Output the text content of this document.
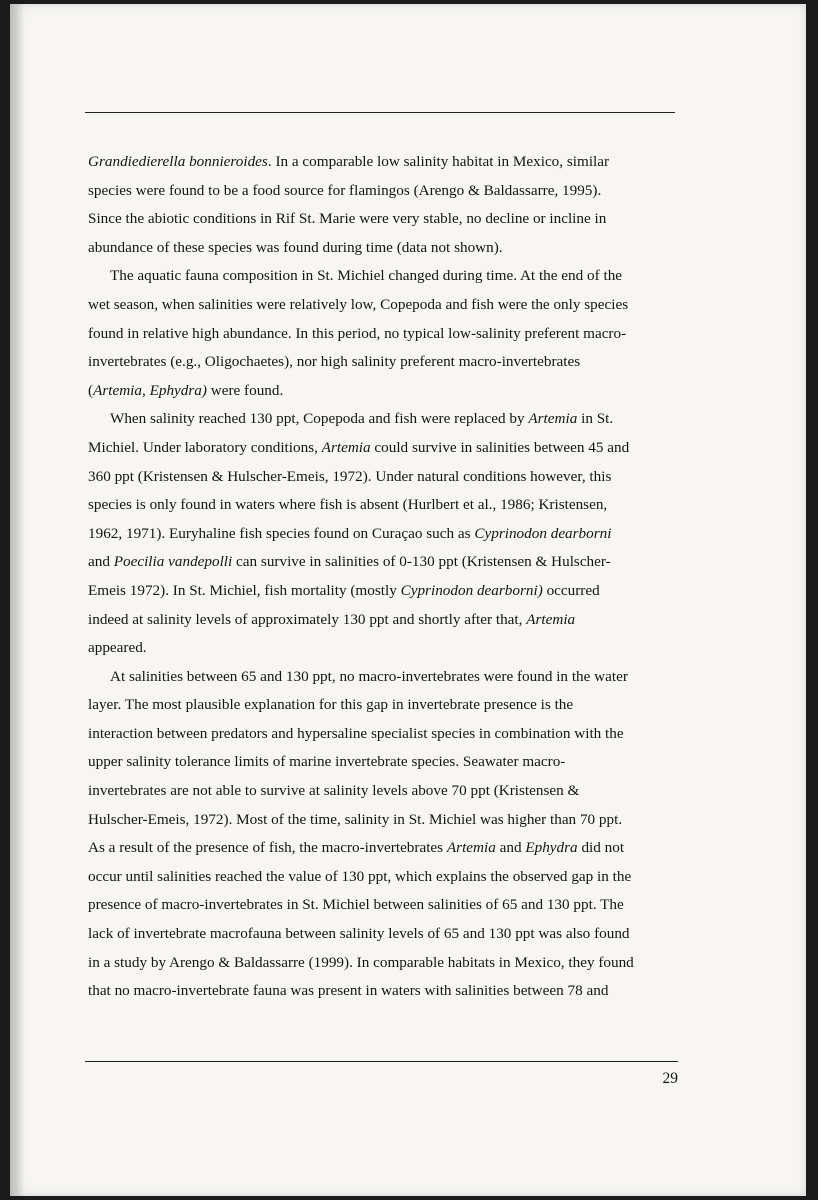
Grandiedierella bonnieroides. In a comparable low salinity habitat in Mexico, similar
species were found to be a food source for flamingos (Arengo & Baldassarre, 1995).
Since the abiotic conditions in Rif St. Marie were very stable, no decline or incline in
abundance of these species was found during time (data not shown).
The aquatic fauna composition in St. Michiel changed during time. At the end of the
wet season, when salinities were relatively low, Copepoda and fish were the only species
found in relative high abundance. In this period, no typical low-salinity preferent macro-
invertebrates (e.g., Oligochaetes), nor high salinity preferent macro-invertebrates
(Artemia, Ephydra) were found.
When salinity reached 130 ppt, Copepoda and fish were replaced by Artemia in St.
Michiel. Under laboratory conditions, Artemia could survive in salinities between 45 and
360 ppt (Kristensen & Hulscher-Emeis, 1972). Under natural conditions however, this
species is only found in waters where fish is absent (Hurlbert et al., 1986; Kristensen,
1962, 1971). Euryhaline fish species found on Curaçao such as Cyprinodon dearborni
and Poecilia vandepolli can survive in salinities of 0-130 ppt (Kristensen & Hulscher-
Emeis 1972). In St. Michiel, fish mortality (mostly Cyprinodon dearborni) occurred
indeed at salinity levels of approximately 130 ppt and shortly after that, Artemia
appeared.
At salinities between 65 and 130 ppt, no macro-invertebrates were found in the water
layer. The most plausible explanation for this gap in invertebrate presence is the
interaction between predators and hypersaline specialist species in combination with the
upper salinity tolerance limits of marine invertebrate species. Seawater macro-
invertebrates are not able to survive at salinity levels above 70 ppt (Kristensen &
Hulscher-Emeis, 1972). Most of the time, salinity in St. Michiel was higher than 70 ppt.
As a result of the presence of fish, the macro-invertebrates Artemia and Ephydra did not
occur until salinities reached the value of 130 ppt, which explains the observed gap in the
presence of macro-invertebrates in St. Michiel between salinities of 65 and 130 ppt. The
lack of invertebrate macrofauna between salinity levels of 65 and 130 ppt was also found
in a study by Arengo & Baldassarre (1999). In comparable habitats in Mexico, they found
that no macro-invertebrate fauna was present in waters with salinities between 78 and
29
